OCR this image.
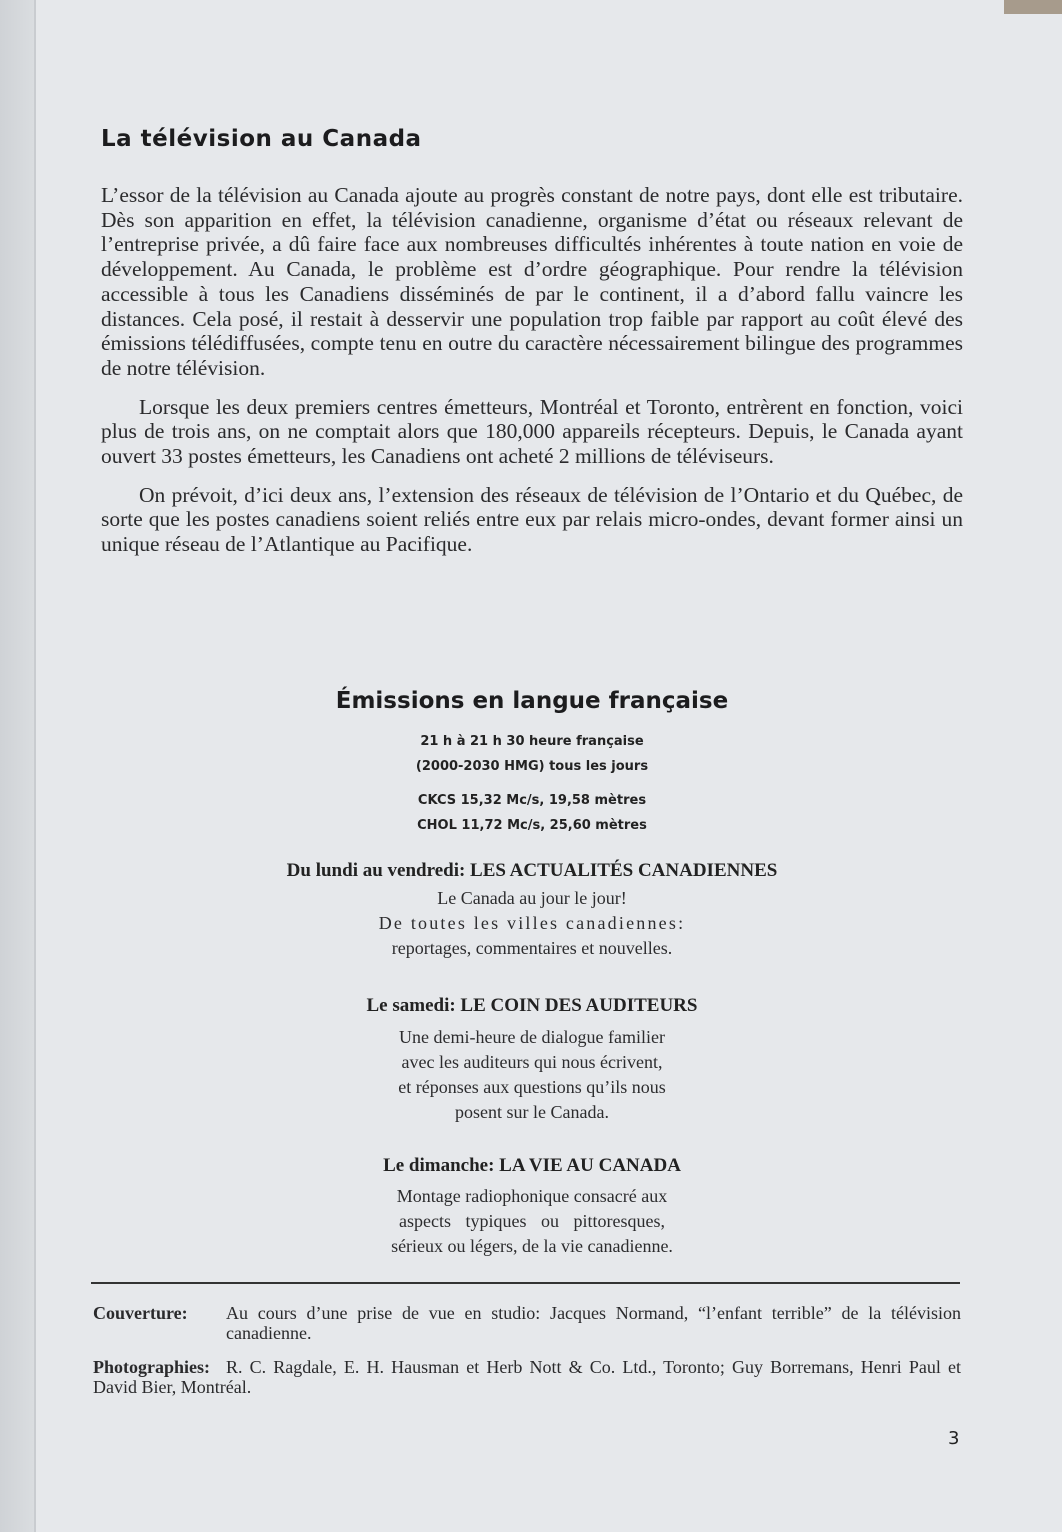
La télévision au Canada

L’essor de la télévision au Canada ajoute au progrès constant de notre pays, dont elle est tributaire. Dès son apparition en effet, la télévision canadienne, organisme d’état ou réseaux relevant de l’entreprise privée, a dû faire face aux nombreuses difficultés inhérentes à toute nation en voie de développement. Au Canada, le problème est d’ordre géographique. Pour rendre la télévision accessible à tous les Canadiens disséminés de par le continent, il a d’abord fallu vaincre les distances. Cela posé, il restait à desservir une population trop faible par rapport au coût élevé des émissions télédiffusées, compte tenu en outre du caractère nécessairement bilingue des programmes de notre télévision.

Lorsque les deux premiers centres émetteurs, Montréal et Toronto, entrèrent en fonction, voici plus de trois ans, on ne comptait alors que 180,000 appareils récepteurs. Depuis, le Canada ayant ouvert 33 postes émetteurs, les Canadiens ont acheté 2 millions de téléviseurs.

On prévoit, d’ici deux ans, l’extension des réseaux de télévision de l’Ontario et du Québec, de sorte que les postes canadiens soient reliés entre eux par relais micro-ondes, devant former ainsi un unique réseau de l’Atlantique au Pacifique.

Émissions en langue française
21 h à 21 h 30 heure française
(2000-2030 HMG) tous les jours
CKCS 15,32 Mc/s, 19,58 mètres
CHOL 11,72 Mc/s, 25,60 mètres
Du lundi au vendredi: LES ACTUALITÉS CANADIENNES
Le Canada au jour le jour!
De toutes les villes canadiennes:
reportages, commentaires et nouvelles.
Le samedi: LE COIN DES AUDITEURS
Une demi-heure de dialogue familier
avec les auditeurs qui nous écrivent,
et réponses aux questions qu’ils nous
posent sur le Canada.
Le dimanche: LA VIE AU CANADA
Montage radiophonique consacré aux
aspects typiques ou pittoresques,
sérieux ou légers, de la vie canadienne.
Couverture: Au cours d’une prise de vue en studio: Jacques Normand, “l’enfant terrible” de la télévision canadienne.
Photographies: R. C. Ragdale, E. H. Hausman et Herb Nott & Co. Ltd., Toronto; Guy Borremans, Henri Paul et David Bier, Montréal.
3
